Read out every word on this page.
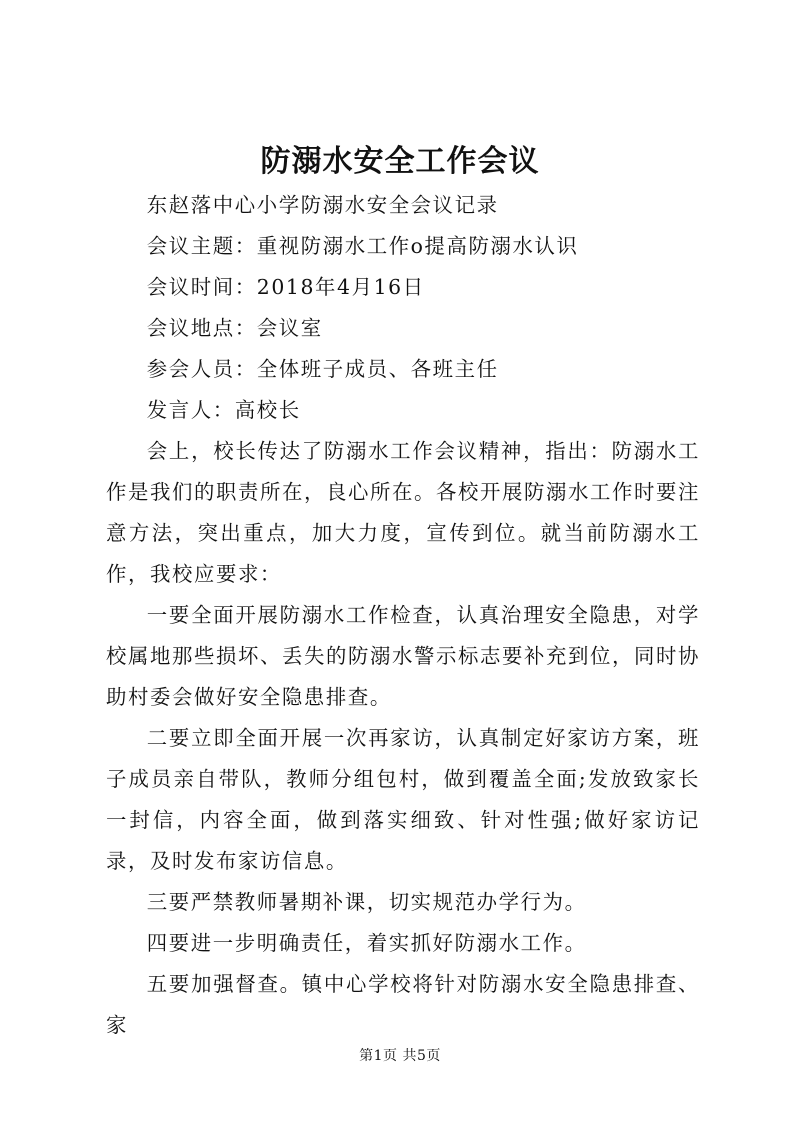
防溺水安全工作会议

东赵落中心小学防溺水安全会议记录

会议主题：重视防溺水工作o提高防溺水认识

会议时间：2018年4月16日

会议地点：会议室

参会人员：全体班子成员、各班主任

发言人：高校长

会上，校长传达了防溺水工作会议精神，指出：防溺水工作是我们的职责所在，良心所在。各校开展防溺水工作时要注意方法，突出重点，加大力度，宣传到位。就当前防溺水工作，我校应要求：

一要全面开展防溺水工作检查，认真治理安全隐患，对学校属地那些损坏、丢失的防溺水警示标志要补充到位，同时协助村委会做好安全隐患排查。

二要立即全面开展一次再家访，认真制定好家访方案，班子成员亲自带队，教师分组包村，做到覆盖全面;发放致家长一封信，内容全面，做到落实细致、针对性强;做好家访记录，及时发布家访信息。

三要严禁教师暑期补课，切实规范办学行为。

四要进一步明确责任，着实抓好防溺水工作。

五要加强督查。镇中心学校将针对防溺水安全隐患排查、家

第1页 共5页
